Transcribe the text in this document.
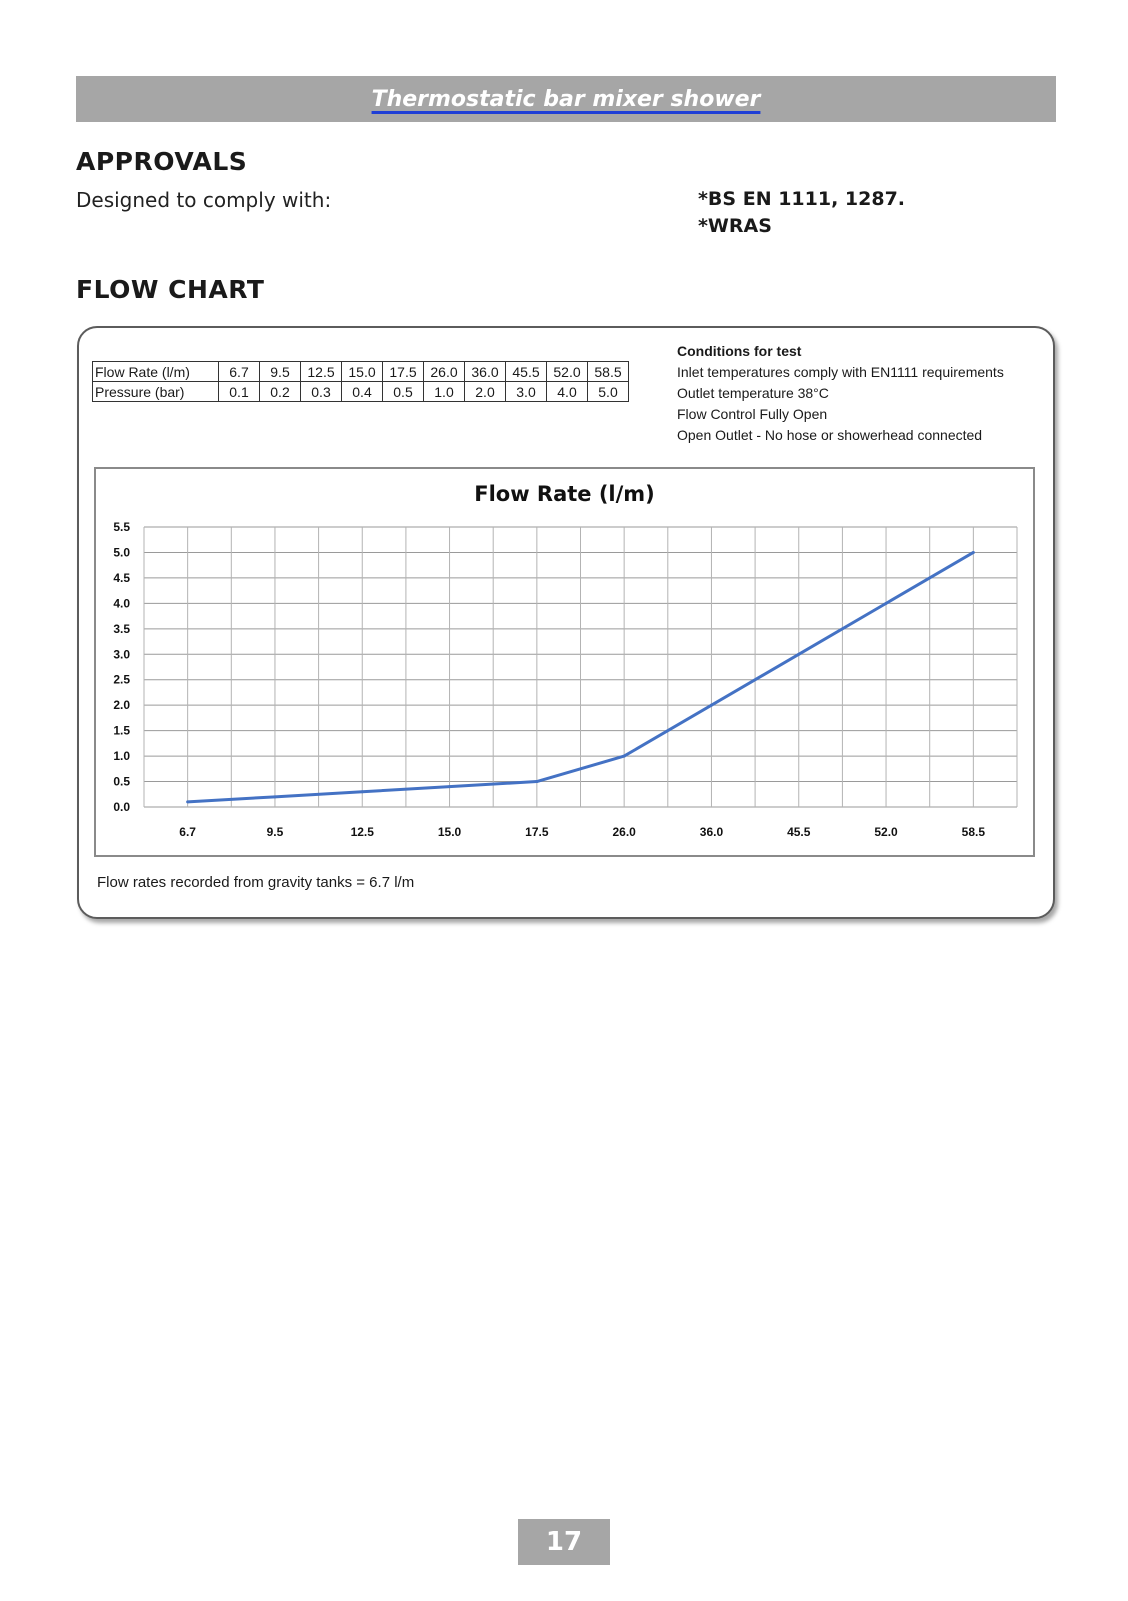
Thermostatic bar mixer shower
APPROVALS
Designed to comply with:	*BS EN 1111, 1287.
*WRAS
FLOW CHART
Flow Rate (l/m)	6.7	9.5	12.5	15.0	17.5	26.0	36.0	45.5	52.0	58.5
Pressure (bar)	0.1	0.2	0.3	0.4	0.5	1.0	2.0	3.0	4.0	5.0
Conditions for test
Inlet temperatures comply with EN1111 requirements
Outlet temperature 38°C
Flow Control Fully Open
Open Outlet - No hose or showerhead connected
Flow Rate (l/m)
0.0
0.5
1.0
1.5
2.0
2.5
3.0
3.5
4.0
4.5
5.0
5.5
6.7	9.5	12.5	15.0	17.5	26.0	36.0	45.5	52.0	58.5
Flow rates recorded from gravity tanks = 6.7 l/m
17
